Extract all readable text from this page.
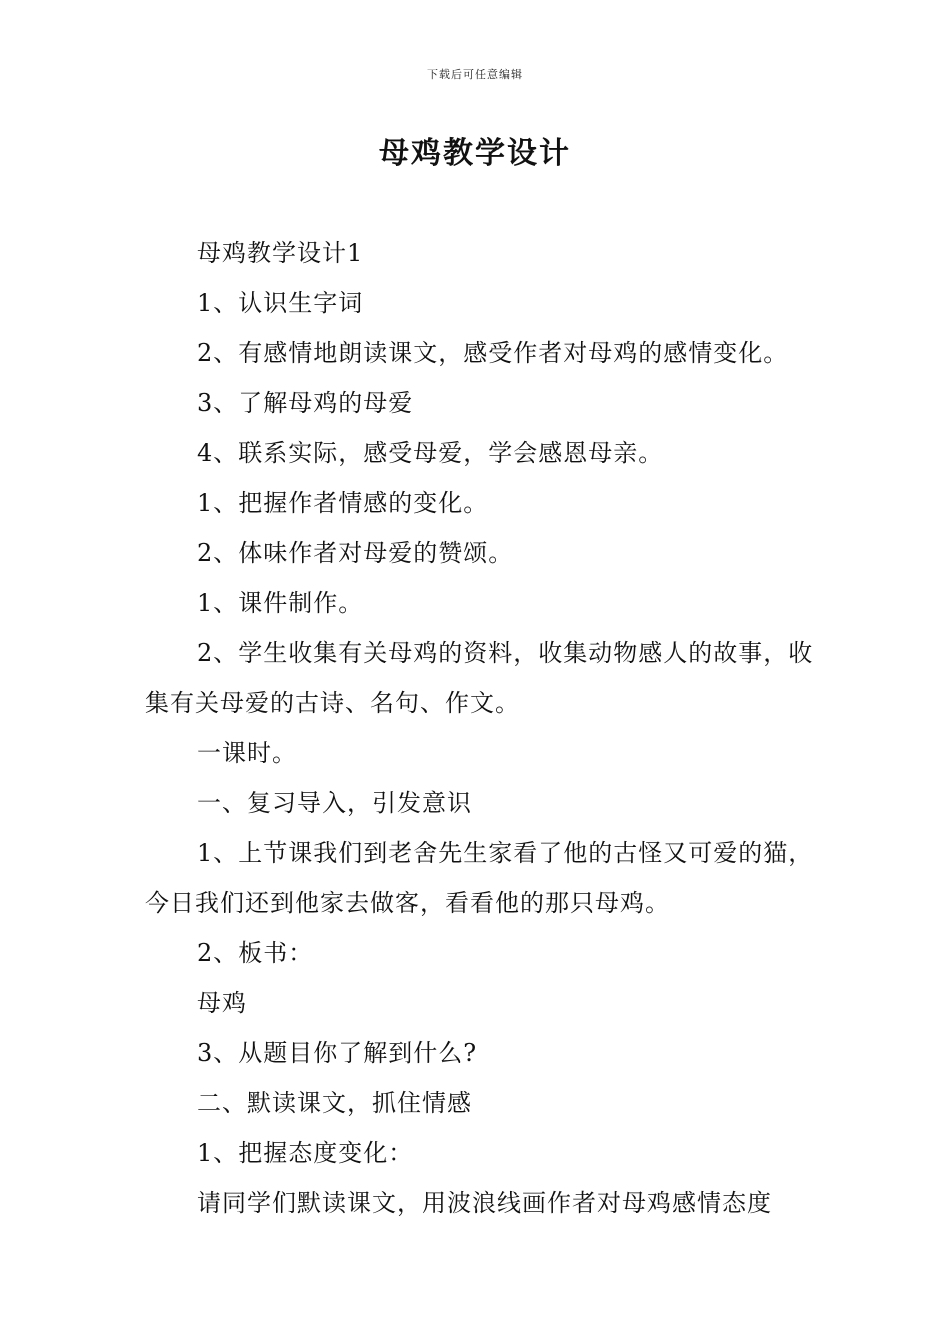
下载后可任意编辑
母鸡教学设计

母鸡教学设计1

1、认识生字词

2、有感情地朗读课文，感受作者对母鸡的感情变化。

3、了解母鸡的母爱

4、联系实际，感受母爱，学会感恩母亲。

1、把握作者情感的变化。

2、体味作者对母爱的赞颂。

1、课件制作。

2、学生收集有关母鸡的资料，收集动物感人的故事，收集有关母爱的古诗、名句、作文。

一课时。

一、复习导入，引发意识

1、上节课我们到老舍先生家看了他的古怪又可爱的猫，今日我们还到他家去做客，看看他的那只母鸡。

2、板书：

母鸡

3、从题目你了解到什么?

二、默读课文，抓住情感

1、把握态度变化：

请同学们默读课文，用波浪线画作者对母鸡感情态度
